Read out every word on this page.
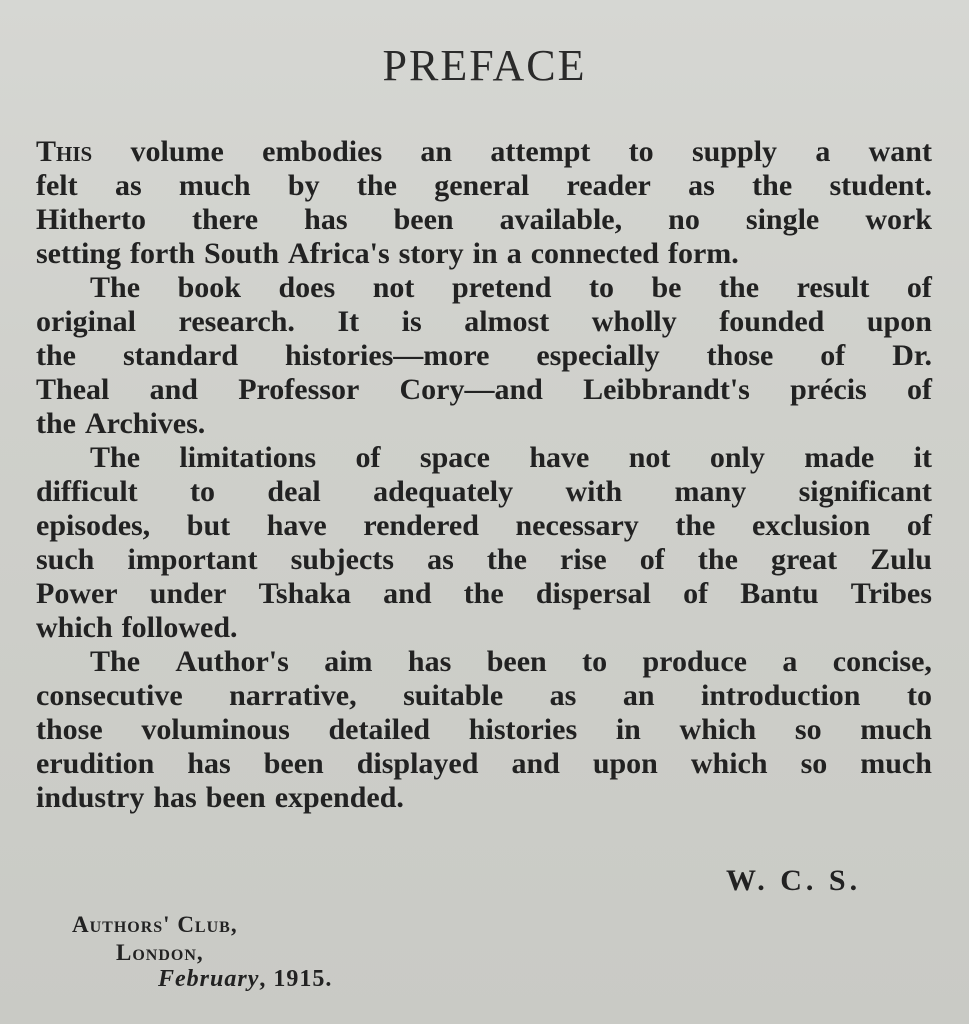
PREFACE
This volume embodies an attempt to supply a want
felt as much by the general reader as the student.
Hitherto there has been available, no single work
setting forth South Africa's story in a connected form.
The book does not pretend to be the result of
original research. It is almost wholly founded upon
the standard histories—more especially those of Dr.
Theal and Professor Cory—and Leibbrandt's précis of
the Archives.
The limitations of space have not only made it
difficult to deal adequately with many significant
episodes, but have rendered necessary the exclusion of
such important subjects as the rise of the great Zulu
Power under Tshaka and the dispersal of Bantu Tribes
which followed.
The Author's aim has been to produce a concise,
consecutive narrative, suitable as an introduction to
those voluminous detailed histories in which so much
erudition has been displayed and upon which so much
industry has been expended.
W. C. S.
Authors' Club,
London,
February, 1915.
